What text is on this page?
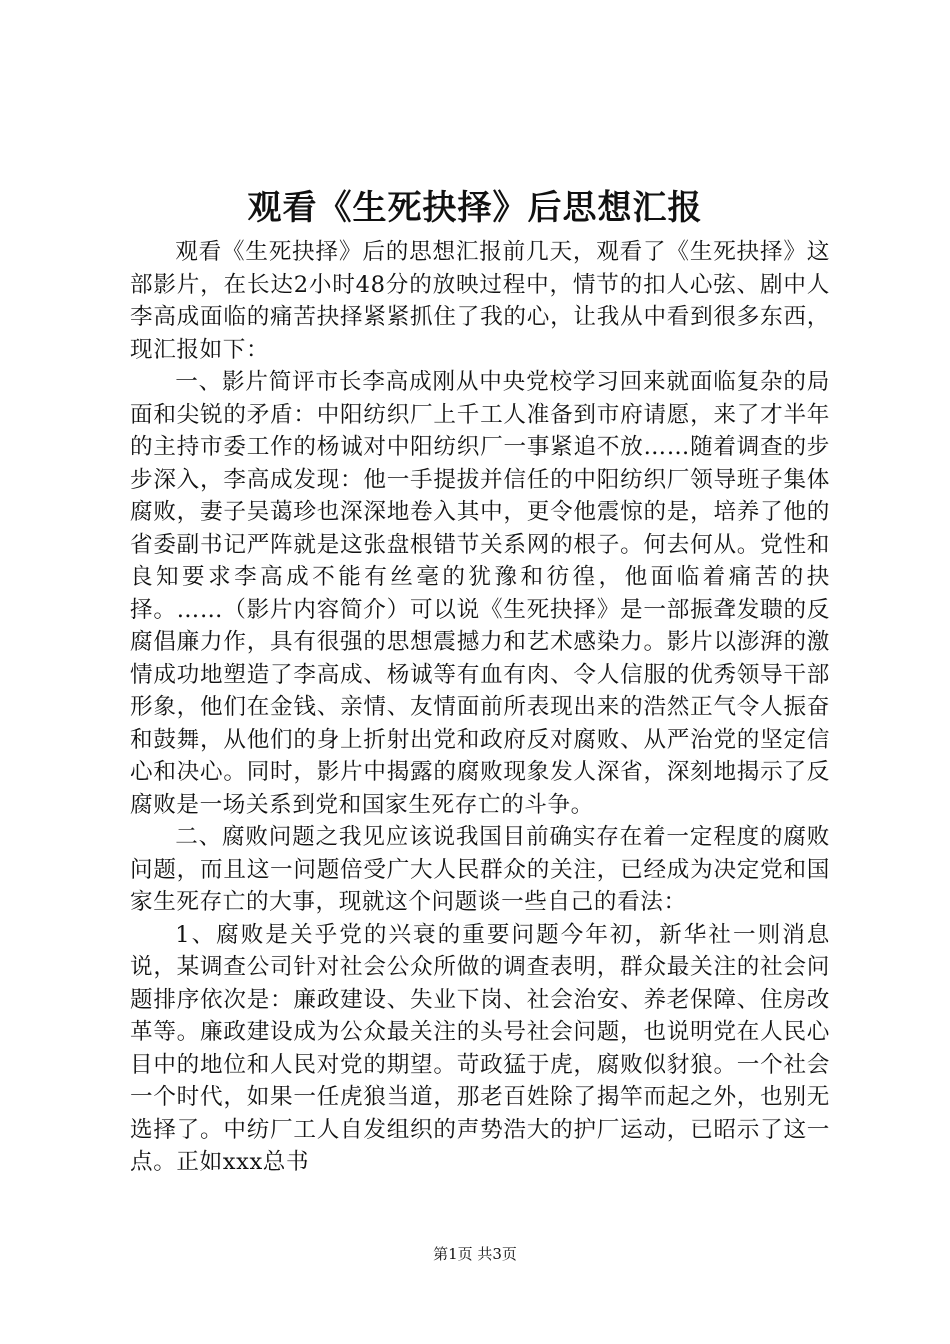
观看《生死抉择》后思想汇报

观看《生死抉择》后的思想汇报前几天，观看了《生死抉择》这部影片，在长达2小时48分的放映过程中，情节的扣人心弦、剧中人李高成面临的痛苦抉择紧紧抓住了我的心，让我从中看到很多东西，现汇报如下：

一、影片简评市长李高成刚从中央党校学习回来就面临复杂的局面和尖锐的矛盾：中阳纺织厂上千工人准备到市府请愿，来了才半年的主持市委工作的杨诚对中阳纺织厂一事紧追不放……随着调查的步步深入，李高成发现：他一手提拔并信任的中阳纺织厂领导班子集体腐败，妻子吴蔼珍也深深地卷入其中，更令他震惊的是，培养了他的省委副书记严阵就是这张盘根错节关系网的根子。何去何从。党性和良知要求李高成不能有丝毫的犹豫和彷徨，他面临着痛苦的抉择。……（影片内容简介）可以说《生死抉择》是一部振聋发聩的反腐倡廉力作，具有很强的思想震撼力和艺术感染力。影片以澎湃的激情成功地塑造了李高成、杨诚等有血有肉、令人信服的优秀领导干部形象，他们在金钱、亲情、友情面前所表现出来的浩然正气令人振奋和鼓舞，从他们的身上折射出党和政府反对腐败、从严治党的坚定信心和决心。同时，影片中揭露的腐败现象发人深省，深刻地揭示了反腐败是一场关系到党和国家生死存亡的斗争。

二、腐败问题之我见应该说我国目前确实存在着一定程度的腐败问题，而且这一问题倍受广大人民群众的关注，已经成为决定党和国家生死存亡的大事，现就这个问题谈一些自己的看法：

1、腐败是关乎党的兴衰的重要问题今年初，新华社一则消息说，某调查公司针对社会公众所做的调查表明，群众最关注的社会问题排序依次是：廉政建设、失业下岗、社会治安、养老保障、住房改革等。廉政建设成为公众最关注的头号社会问题，也说明党在人民心目中的地位和人民对党的期望。苛政猛于虎，腐败似豺狼。一个社会一个时代，如果一任虎狼当道，那老百姓除了揭竿而起之外，也别无选择了。中纺厂工人自发组织的声势浩大的护厂运动，已昭示了这一点。正如xxx总书

第1页 共3页
